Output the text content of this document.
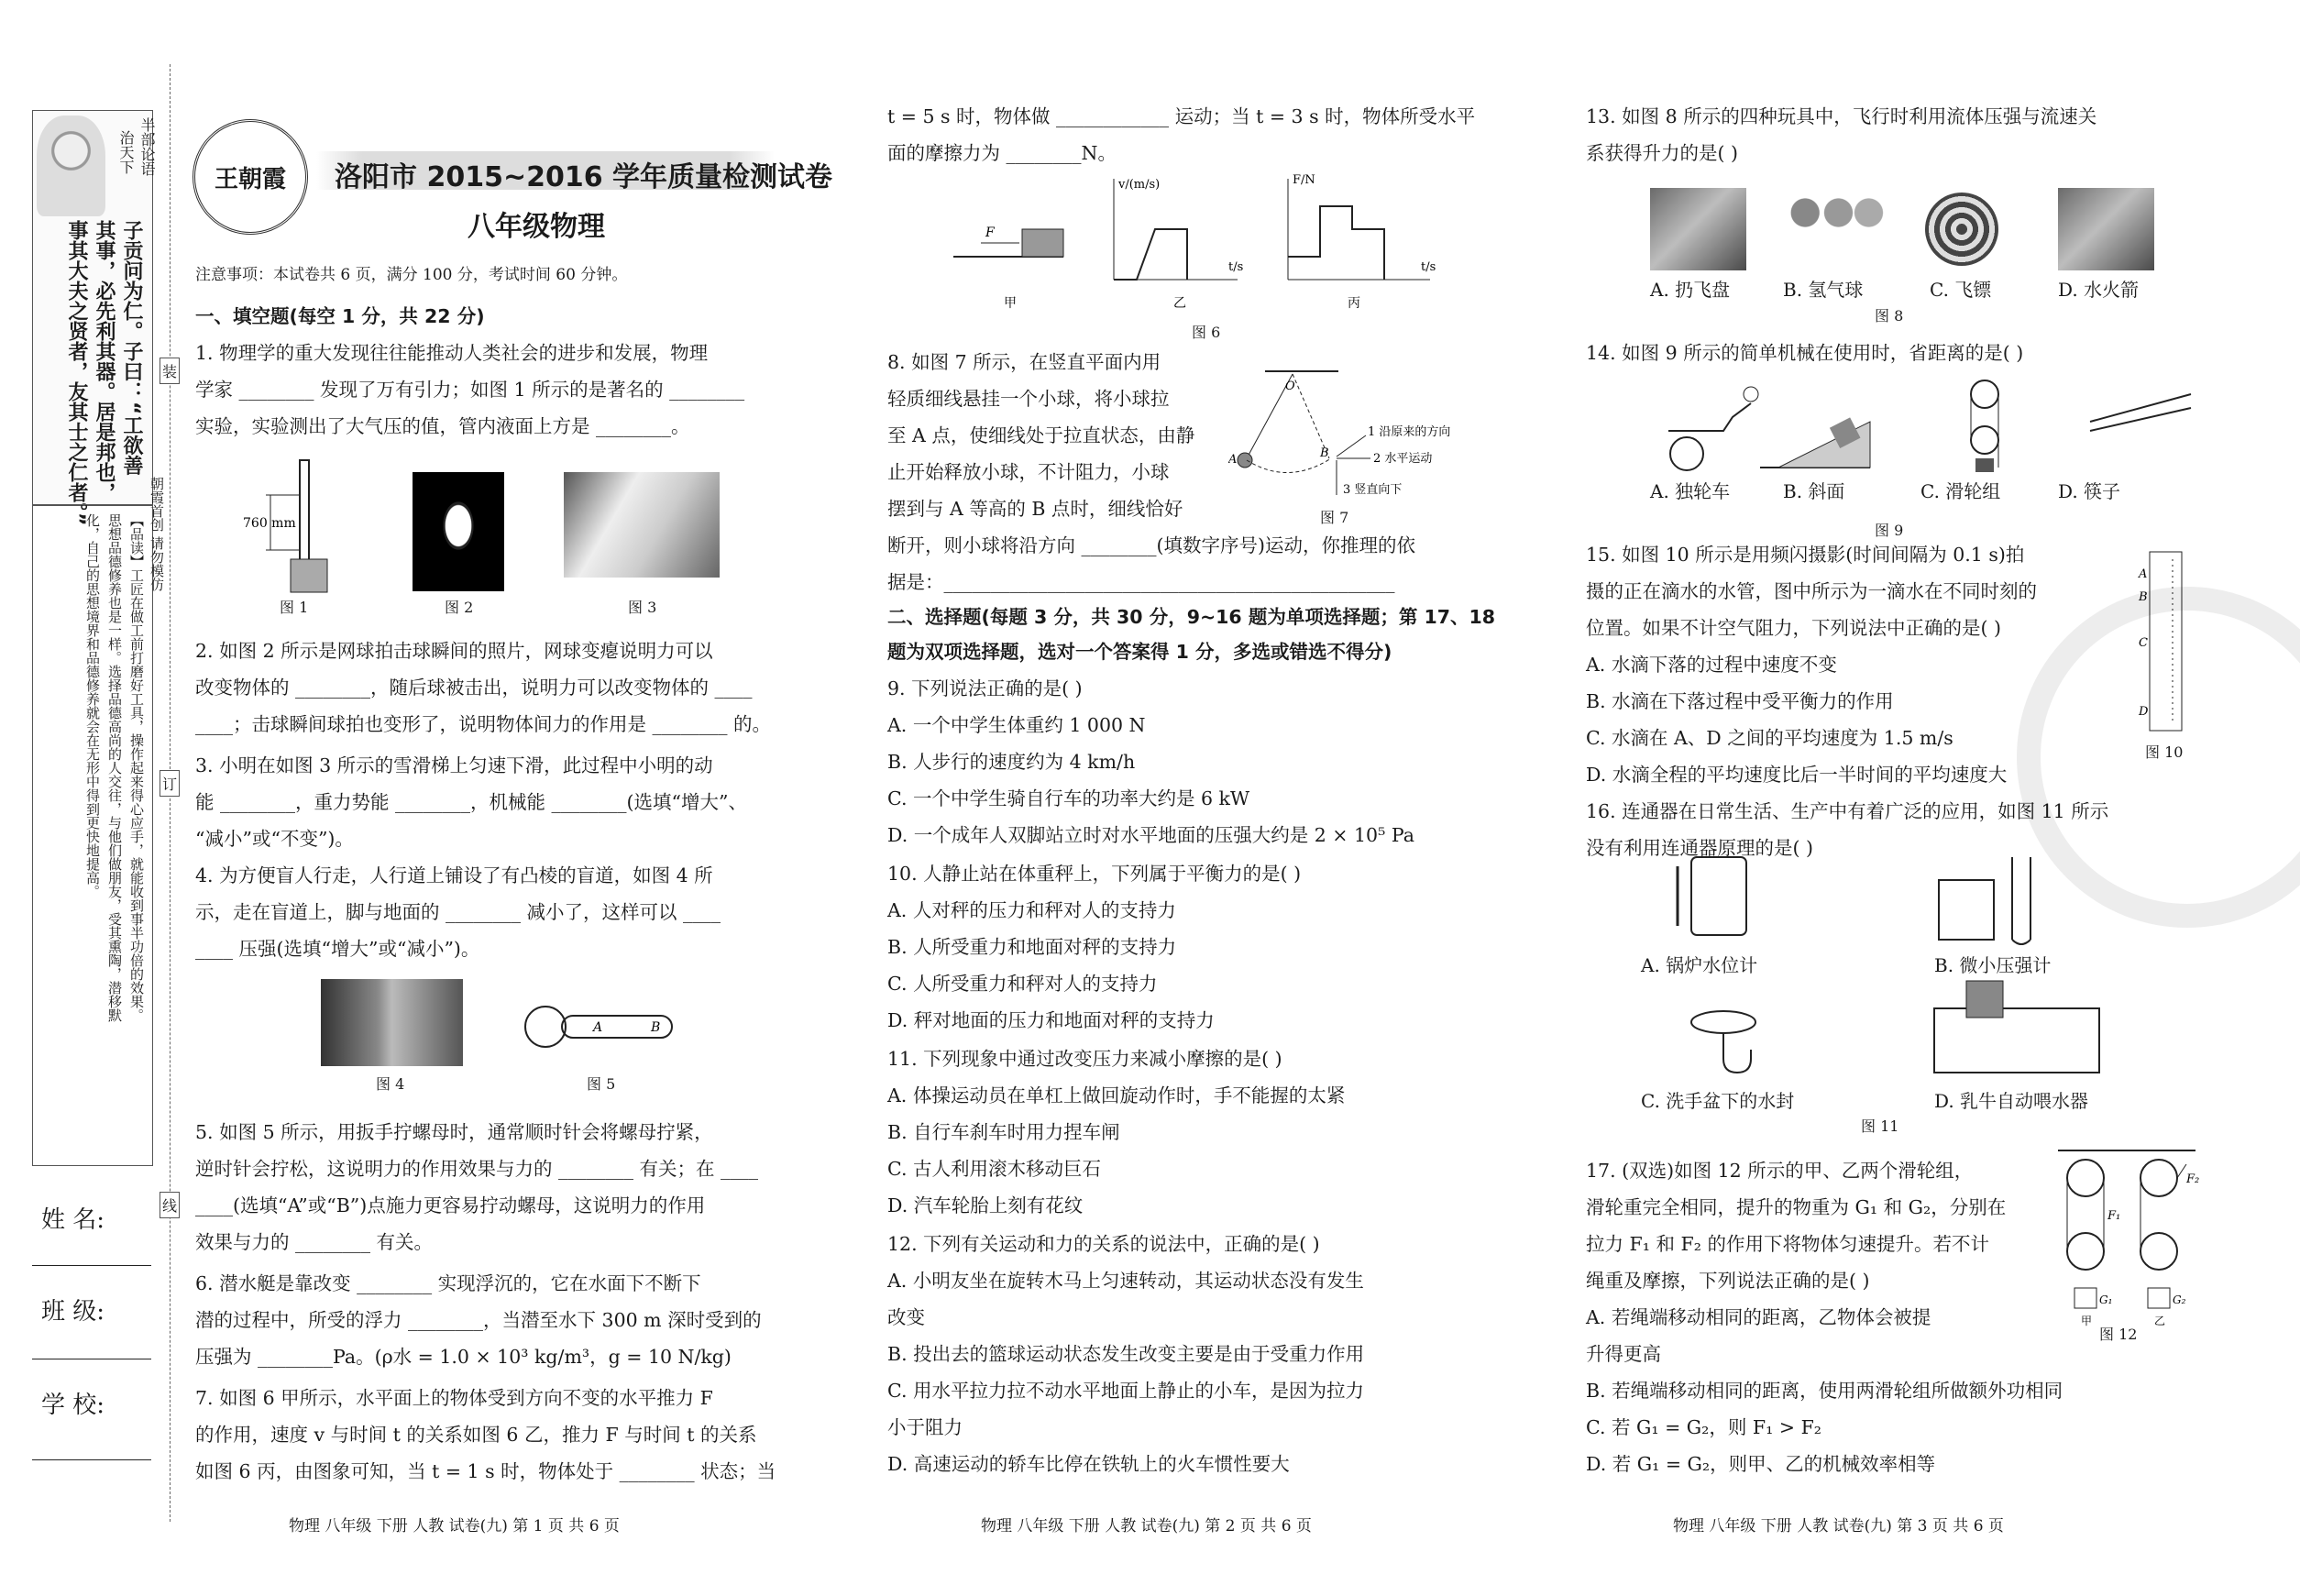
半部论语
治天下
子贡问为仁。子曰：“工欲善
其事，必先利其器。居是邦也，
事其大夫之贤者，友其士之仁者。”
【品读】工匠在做工前打磨好工具，操作起来得心应手，就能收到事半功倍的效果。
思想品德修养也是一样。选择品德高尚的人交往，与他们做朋友，受其熏陶，潜移默
化，自己的思想境界和品德修养就会在无形中得到更快地提高。
姓 名:
班 级:
学 校:
装
订
线
朝霞首创 请勿模仿
王朝霞 洛阳市 2015~2016 学年质量检测试卷
八年级物理
注意事项：本试卷共 6 页，满分 100 分，考试时间 60 分钟。
一、填空题(每空 1 分，共 22 分)
1. 物理学的重大发现往往能推动人类社会的进步和发展，物理
学家 ________ 发现了万有引力；如图 1 所示的是著名的 ________
实验，实验测出了大气压的值，管内液面上方是 ________。
2. 如图 2 所示是网球拍击球瞬间的照片，网球变瘪说明力可以
改变物体的 ________，随后球被击出，说明力可以改变物体的 ____
____；击球瞬间球拍也变形了，说明物体间力的作用是 ________ 的。
3. 小明在如图 3 所示的雪滑梯上匀速下滑，此过程中小明的动
能 ________，重力势能 ________，机械能 ________(选填“增大”、
“减小”或“不变”)。
4. 为方便盲人行走，人行道上铺设了有凸棱的盲道，如图 4 所
示，走在盲道上，脚与地面的 ________ 减小了，这样可以 ____
____ 压强(选填“增大”或“减小”)。
5. 如图 5 所示，用扳手拧螺母时，通常顺时针会将螺母拧紧，
逆时针会拧松，这说明力的作用效果与力的 ________ 有关；在 ____
____(选填“A”或“B”)点施力更容易拧动螺母，这说明力的作用
效果与力的 ________ 有关。
6. 潜水艇是靠改变 ________ 实现浮沉的，它在水面下不断下
潜的过程中，所受的浮力 ________，当潜至水下 300 m 深时受到的
压强为 ________Pa。(ρ水 = 1.0 × 10³ kg/m³，g = 10 N/kg)
7. 如图 6 甲所示，水平面上的物体受到方向不变的水平推力 F
的作用，速度 v 与时间 t 的关系如图 6 乙，推力 F 与时间 t 的关系
如图 6 丙，由图象可知，当 t = 1 s 时，物体处于 ________ 状态；当
760 mm
图 1	图 2	图 3
图 4
A	B
图 5
t = 5 s 时，物体做 ____________ 运动；当 t = 3 s 时，物体所受水平
面的摩擦力为 ________N。
8. 如图 7 所示，在竖直平面内用
轻质细线悬挂一个小球，将小球拉
至 A 点，使细线处于拉直状态，由静
止开始释放小球，不计阻力，小球
摆到与 A 等高的 B 点时，细线恰好
断开，则小球将沿方向 ________(填数字序号)运动，你推理的依
据是：________________________________________________
二、选择题(每题 3 分，共 30 分，9~16 题为单项选择题；第 17、18
题为双项选择题，选对一个答案得 1 分，多选或错选不得分)
9. 下列说法正确的是( )
A. 一个中学生体重约 1 000 N
B. 人步行的速度约为 4 km/h
C. 一个中学生骑自行车的功率大约是 6 kW
D. 一个成年人双脚站立时对水平地面的压强大约是 2 × 10⁵ Pa
10. 人静止站在体重秤上，下列属于平衡力的是( )
A. 人对秤的压力和秤对人的支持力
B. 人所受重力和地面对秤的支持力
C. 人所受重力和秤对人的支持力
D. 秤对地面的压力和地面对秤的支持力
11. 下列现象中通过改变压力来减小摩擦的是( )
A. 体操运动员在单杠上做回旋动作时，手不能握的太紧
B. 自行车刹车时用力捏车闸
C. 古人利用滚木移动巨石
D. 汽车轮胎上刻有花纹
12. 下列有关运动和力的关系的说法中，正确的是( )
A. 小明友坐在旋转木马上匀速转动，其运动状态没有发生
改变
B. 投出去的篮球运动状态发生改变主要是由于受重力作用
C. 用水平拉力拉不动水平地面上静止的小车，是因为拉力
小于阻力
D. 高速运动的轿车比停在铁轨上的火车惯性要大
F
甲
v/(m/s)
t/s
乙
F/N
t/s
丙
图 6
O
A	B
1 沿原来的方向
2 水平运动
3 竖直向下
图 7
13. 如图 8 所示的四种玩具中，飞行时利用流体压强与流速关
系获得升力的是( )
14. 如图 9 所示的简单机械在使用时，省距离的是( )
15. 如图 10 所示是用频闪摄影(时间间隔为 0.1 s)拍
摄的正在滴水的水管，图中所示为一滴水在不同时刻的
位置。如果不计空气阻力，下列说法中正确的是( )
A. 水滴下落的过程中速度不变
B. 水滴在下落过程中受平衡力的作用
C. 水滴在 A、D 之间的平均速度为 1.5 m/s
D. 水滴全程的平均速度比后一半时间的平均速度大
16. 连通器在日常生活、生产中有着广泛的应用，如图 11 所示
没有利用连通器原理的是( )
17. (双选)如图 12 所示的甲、乙两个滑轮组，
滑轮重完全相同，提升的物重为 G₁ 和 G₂，分别在
拉力 F₁ 和 F₂ 的作用下将物体匀速提升。若不计
绳重及摩擦，下列说法正确的是( )
A. 若绳端移动相同的距离，乙物体会被提
升得更高
B. 若绳端移动相同的距离，使用两滑轮组所做额外功相同
C. 若 G₁ = G₂，则 F₁ > F₂
D. 若 G₁ = G₂，则甲、乙的机械效率相等
A. 扔飞盘	B. 氢气球	C. 飞镖	D. 水火箭
图 8
A. 独轮车	B. 斜面	C. 滑轮组	D. 筷子
图 9
A
B
C
D
图 10
A. 锅炉水位计	B. 微小压强计
C. 洗手盆下的水封	D. 乳牛自动喂水器
图 11
F₁
F₂
G₁	G₂
甲	乙
图 12
物理 八年级 下册 人教 试卷(九) 第 1 页 共 6 页	物理 八年级 下册 人教 试卷(九) 第 2 页 共 6 页	物理 八年级 下册 人教 试卷(九) 第 3 页 共 6 页
